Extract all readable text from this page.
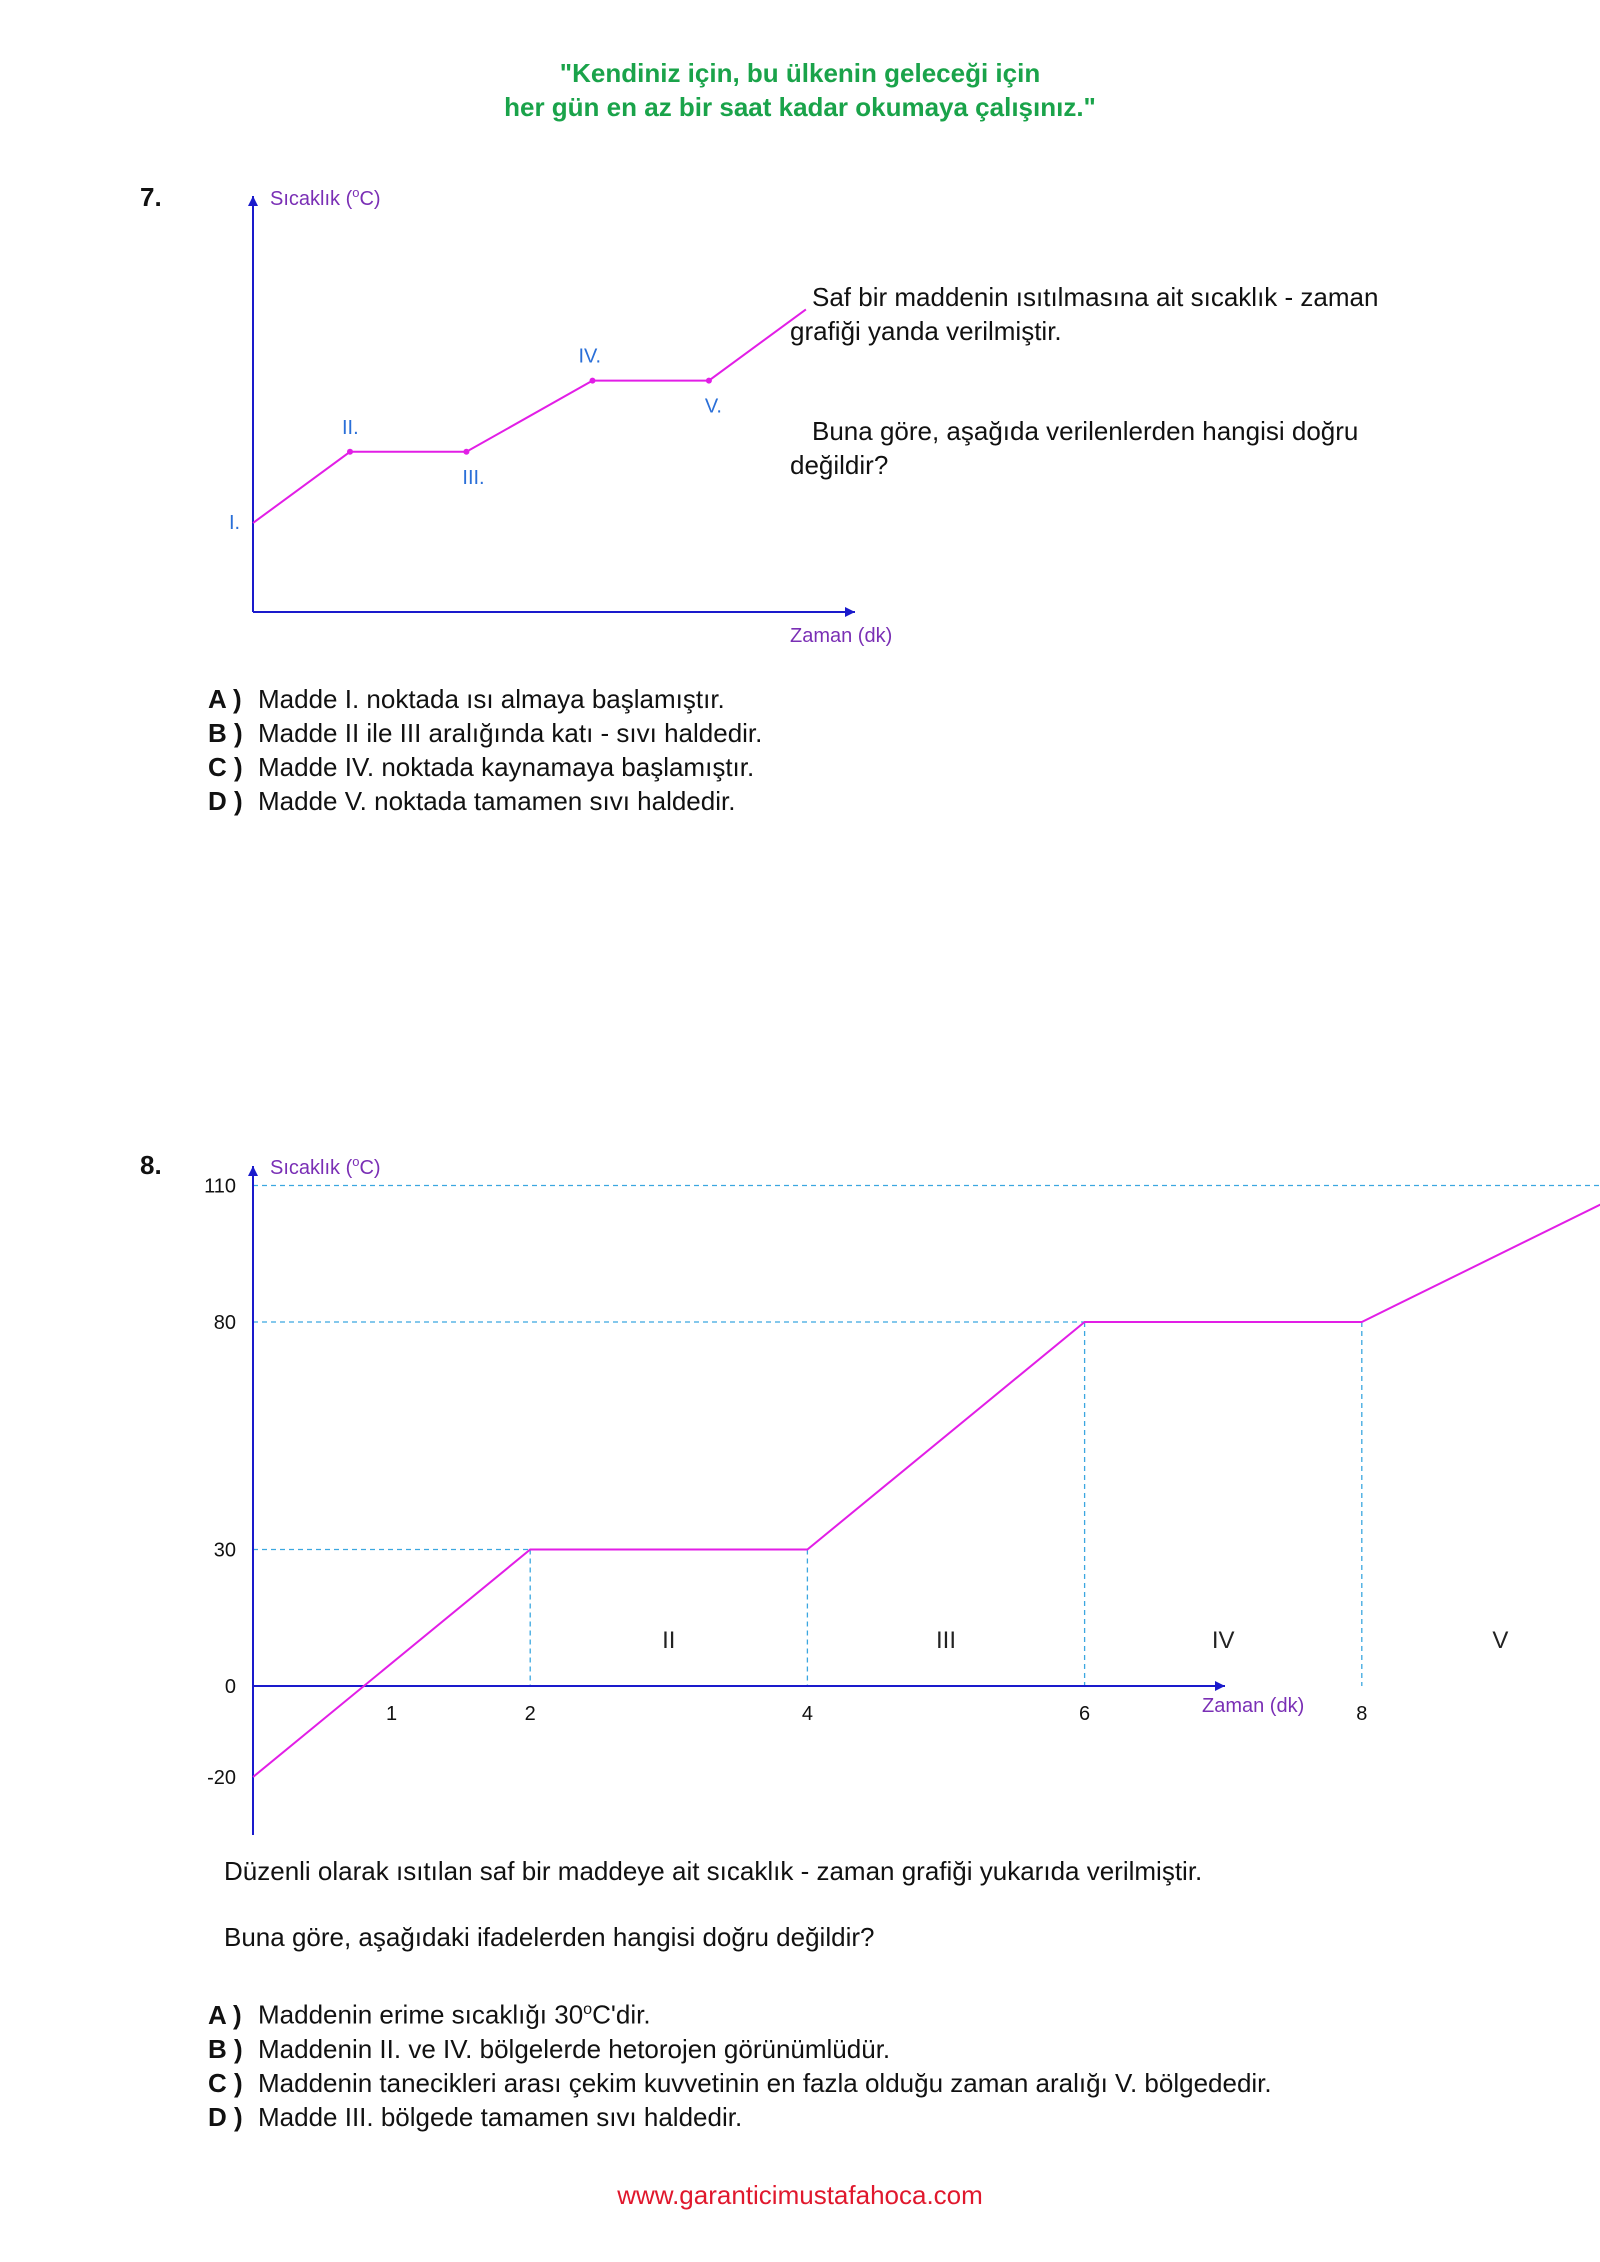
"Kendiniz için, bu ülkenin geleceği için
her gün en az bir saat kadar okumaya çalışınız."
7.
I.
II.
III.
IV.
V.
Sıcaklık ($^o$C)
Zaman (dk)
Saf bir maddenin ısıtılmasına ait sıcaklık - zaman grafiği yanda verilmiştir.
Buna göre, aşağıda verilenlerden hangisi doğru değildir?
A ) Madde I. noktada ısı almaya başlamıştır.
B ) Madde II ile III aralığında katı - sıvı haldedir.
C ) Madde IV. noktada kaynamaya başlamıştır.
D ) Madde V. noktada tamamen sıvı haldedir.
8.
1	2	4	6	8
-20
0
30
80
110
II	III	IV	V
Sıcaklık ($^o$C)
Zaman (dk)
Düzenli olarak ısıtılan saf bir maddeye ait sıcaklık - zaman grafiği yukarıda verilmiştir.
Buna göre, aşağıdaki ifadelerden hangisi doğru değildir?
A ) Maddenin erime sıcaklığı 30$^o$C'dir.
B ) Maddenin II. ve IV. bölgelerde hetorojen görünümlüdür.
C ) Maddenin tanecikleri arası çekim kuvvetinin en fazla olduğu zaman aralığı V. bölgededir.
D ) Madde III. bölgede tamamen sıvı haldedir.
www.garanticimustafahoca.com
